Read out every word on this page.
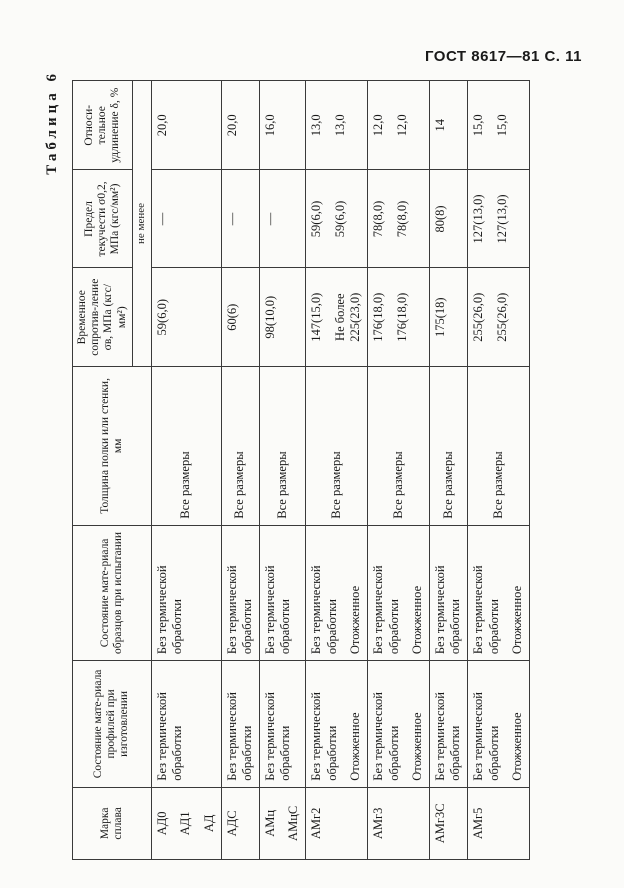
ГОСТ 8617—81 С. 11
Таблица 6
Марка сплава	Состояние мате-риала профилей при изготовлении	Состояние мате-риала образцов при испытании	Толщина полки или стенки, мм	Временное сопротив-ление σв, МПа (кгс/мм²)	Предел текучести σ0,2, МПа (кгс/мм²)	Относи-тельное удлинение δ, %
				не менее		

АД0 АД1 АД	Без термической обработки	Без термической обработки	Все размеры	59(6,0)	—	20,0

АДС	Без термической обработки	Без термической обработки	Все размеры	60(6)	—	20,0

АМц АМцС	Без термической обработки	Без термической обработки	Все размеры	98(10,0)	—	16,0

АМг2	Без термической обработки Отожженное	Без термической обработки Отожженное	Все размеры	147(15,0) Не более 225(23,0)	59(6,0) 59(6,0)	13,0 13,0

АМг3	Без термической обработки Отожженное	Без термической обработки Отожженное	Все размеры	176(18,0) 176(18,0)	78(8,0) 78(8,0)	12,0 12,0

АМг3С	Без термической обработки	Без термической обработки	Все размеры	175(18)	80(8)	14

АМг5	Без термической обработки Отожженное	Без термической обработки Отожженное	Все размеры	255(26,0) 255(26,0)	127(13,0) 127(13,0)	15,0 15,0
